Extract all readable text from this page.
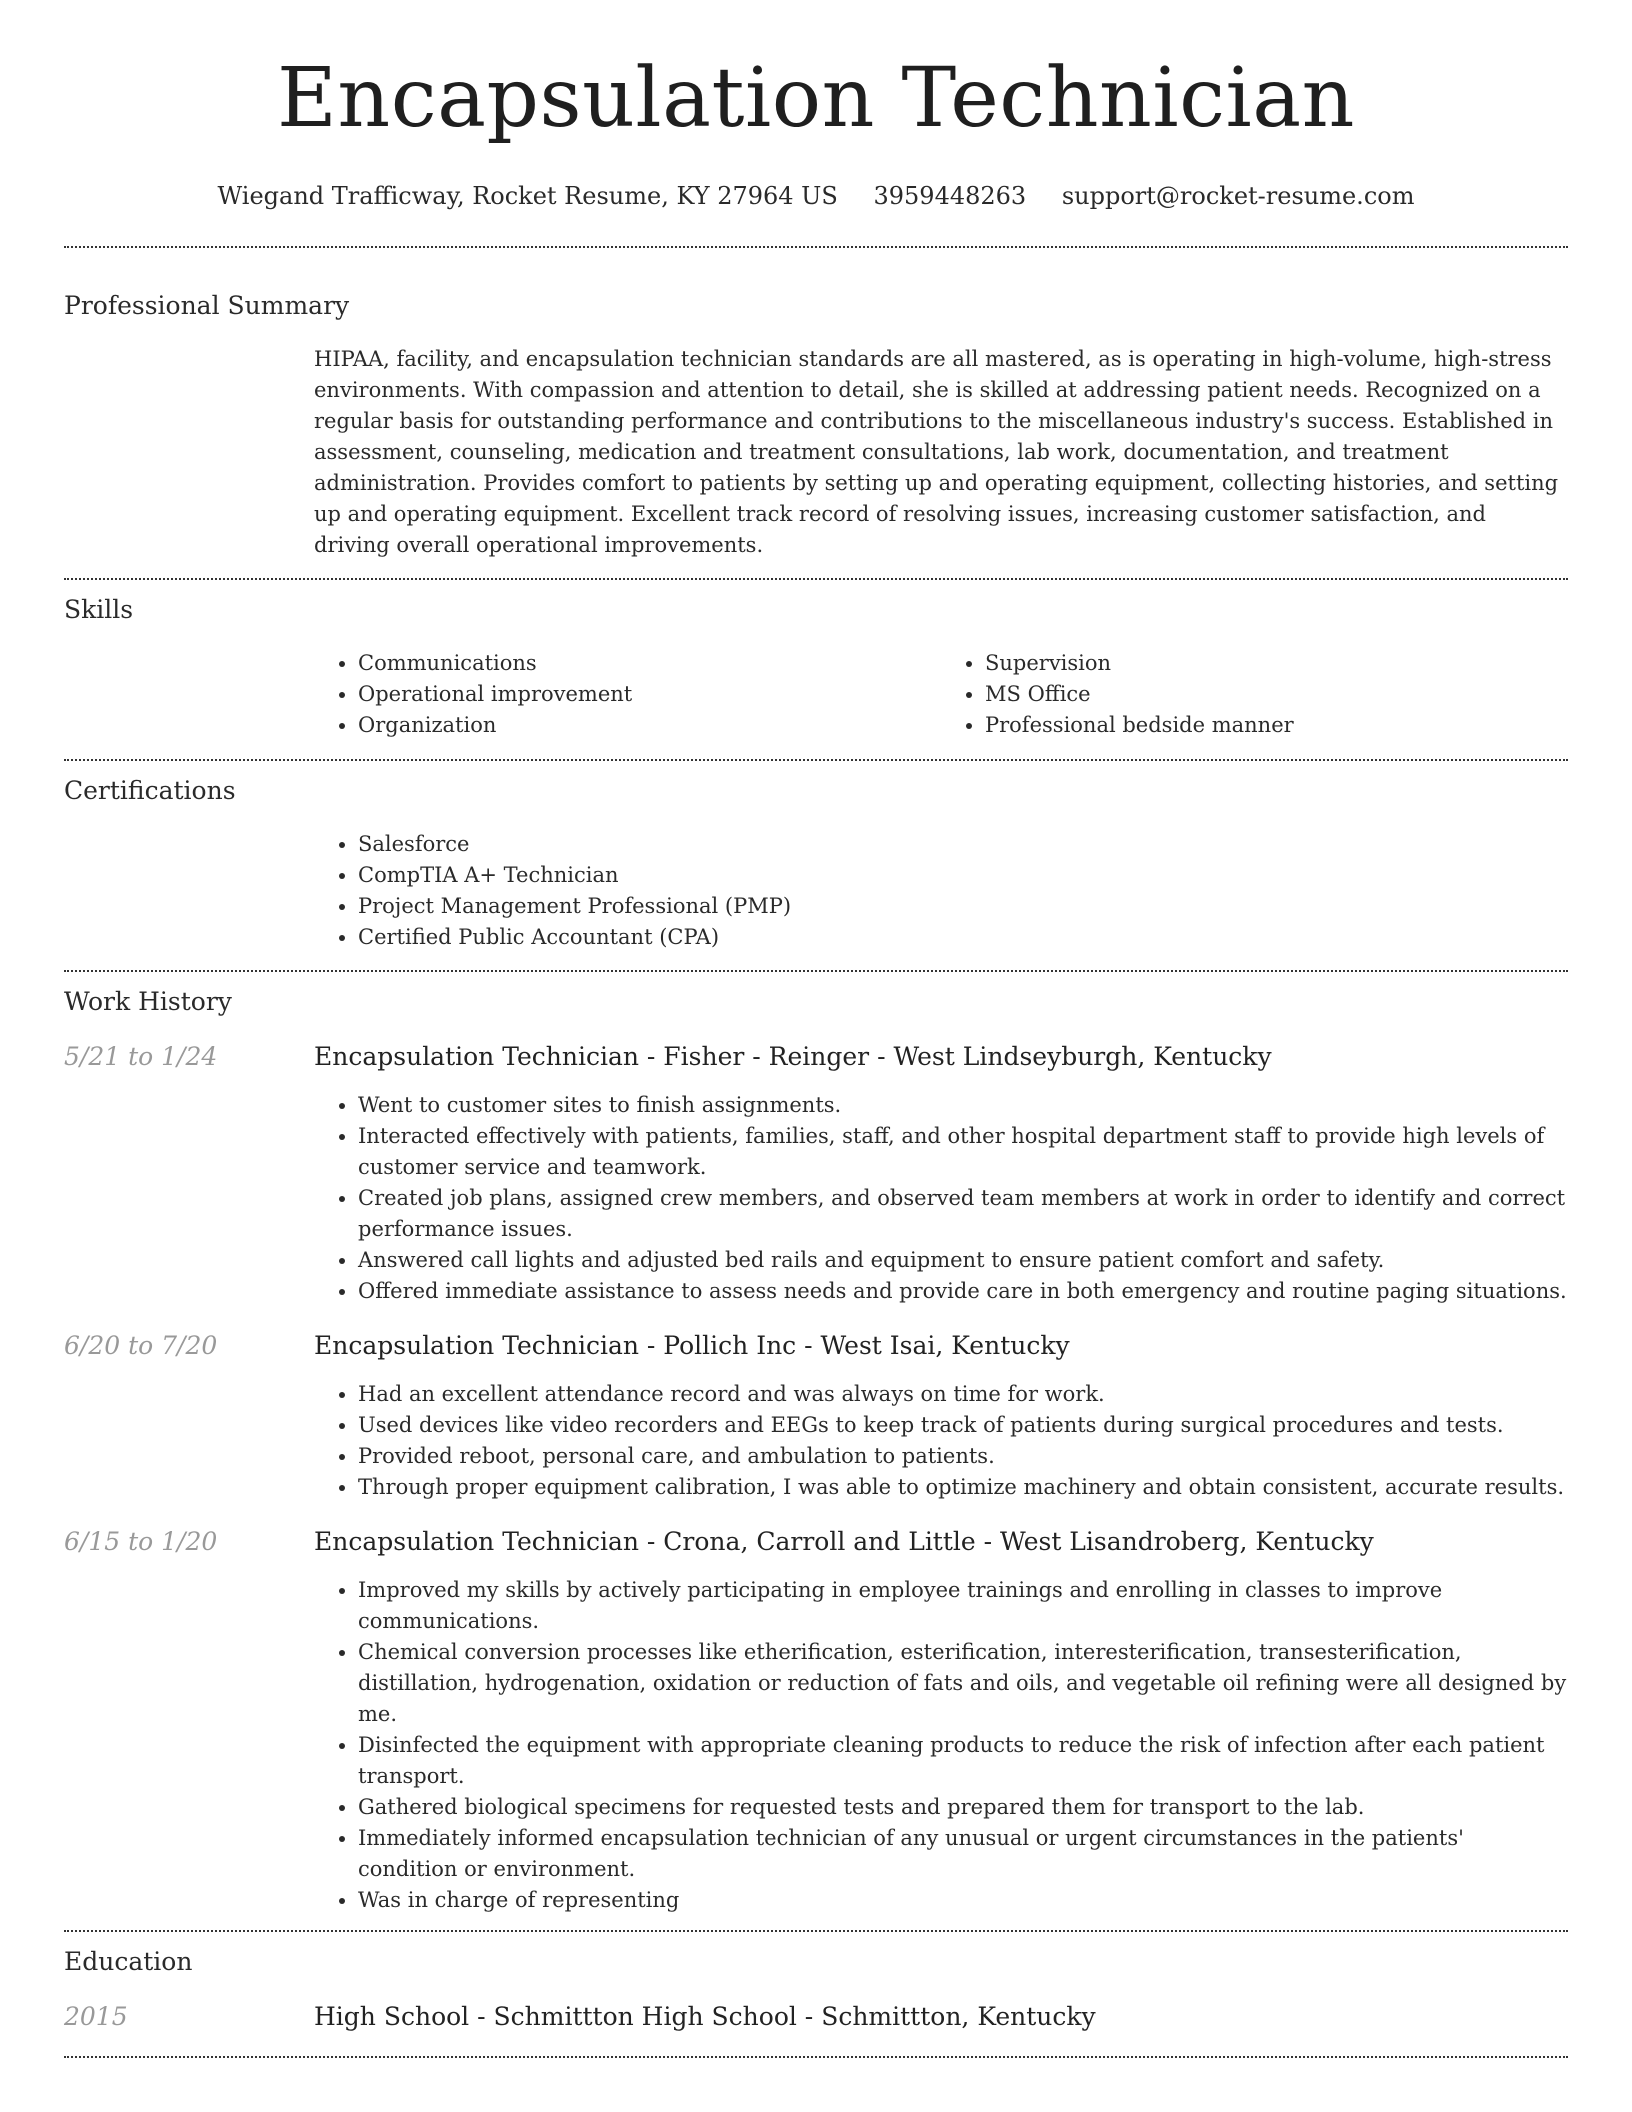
Encapsulation Technician
Wiegand Trafficway, Rocket Resume, KY 27964 US 3959448263 support@rocket-resume.com
Professional Summary
HIPAA, facility, and encapsulation technician standards are all mastered, as is operating in high-volume, high-stress environments. With compassion and attention to detail, she is skilled at addressing patient needs. Recognized on a regular basis for outstanding performance and contributions to the miscellaneous industry's success. Established in assessment, counseling, medication and treatment consultations, lab work, documentation, and treatment administration. Provides comfort to patients by setting up and operating equipment, collecting histories, and setting up and operating equipment. Excellent track record of resolving issues, increasing customer satisfaction, and driving overall operational improvements.
Skills
• Communications
• Operational improvement
• Organization
• Supervision
• MS Office
• Professional bedside manner
Certifications
• Salesforce
• CompTIA A+ Technician
• Project Management Professional (PMP)
• Certified Public Accountant (CPA)
Work History
5/21 to 1/24	Encapsulation Technician - Fisher - Reinger - West Lindseyburgh, Kentucky
• Went to customer sites to finish assignments.
• Interacted effectively with patients, families, staff, and other hospital department staff to provide high levels of customer service and teamwork.
• Created job plans, assigned crew members, and observed team members at work in order to identify and correct performance issues.
• Answered call lights and adjusted bed rails and equipment to ensure patient comfort and safety.
• Offered immediate assistance to assess needs and provide care in both emergency and routine paging situations.
6/20 to 7/20	Encapsulation Technician - Pollich Inc - West Isai, Kentucky
• Had an excellent attendance record and was always on time for work.
• Used devices like video recorders and EEGs to keep track of patients during surgical procedures and tests.
• Provided reboot, personal care, and ambulation to patients.
• Through proper equipment calibration, I was able to optimize machinery and obtain consistent, accurate results.
6/15 to 1/20	Encapsulation Technician - Crona, Carroll and Little - West Lisandroberg, Kentucky
• Improved my skills by actively participating in employee trainings and enrolling in classes to improve communications.
• Chemical conversion processes like etherification, esterification, interesterification, transesterification, distillation, hydrogenation, oxidation or reduction of fats and oils, and vegetable oil refining were all designed by me.
• Disinfected the equipment with appropriate cleaning products to reduce the risk of infection after each patient transport.
• Gathered biological specimens for requested tests and prepared them for transport to the lab.
• Immediately informed encapsulation technician of any unusual or urgent circumstances in the patients' condition or environment.
• Was in charge of representing
Education
2015	High School - Schmittton High School - Schmittton, Kentucky
